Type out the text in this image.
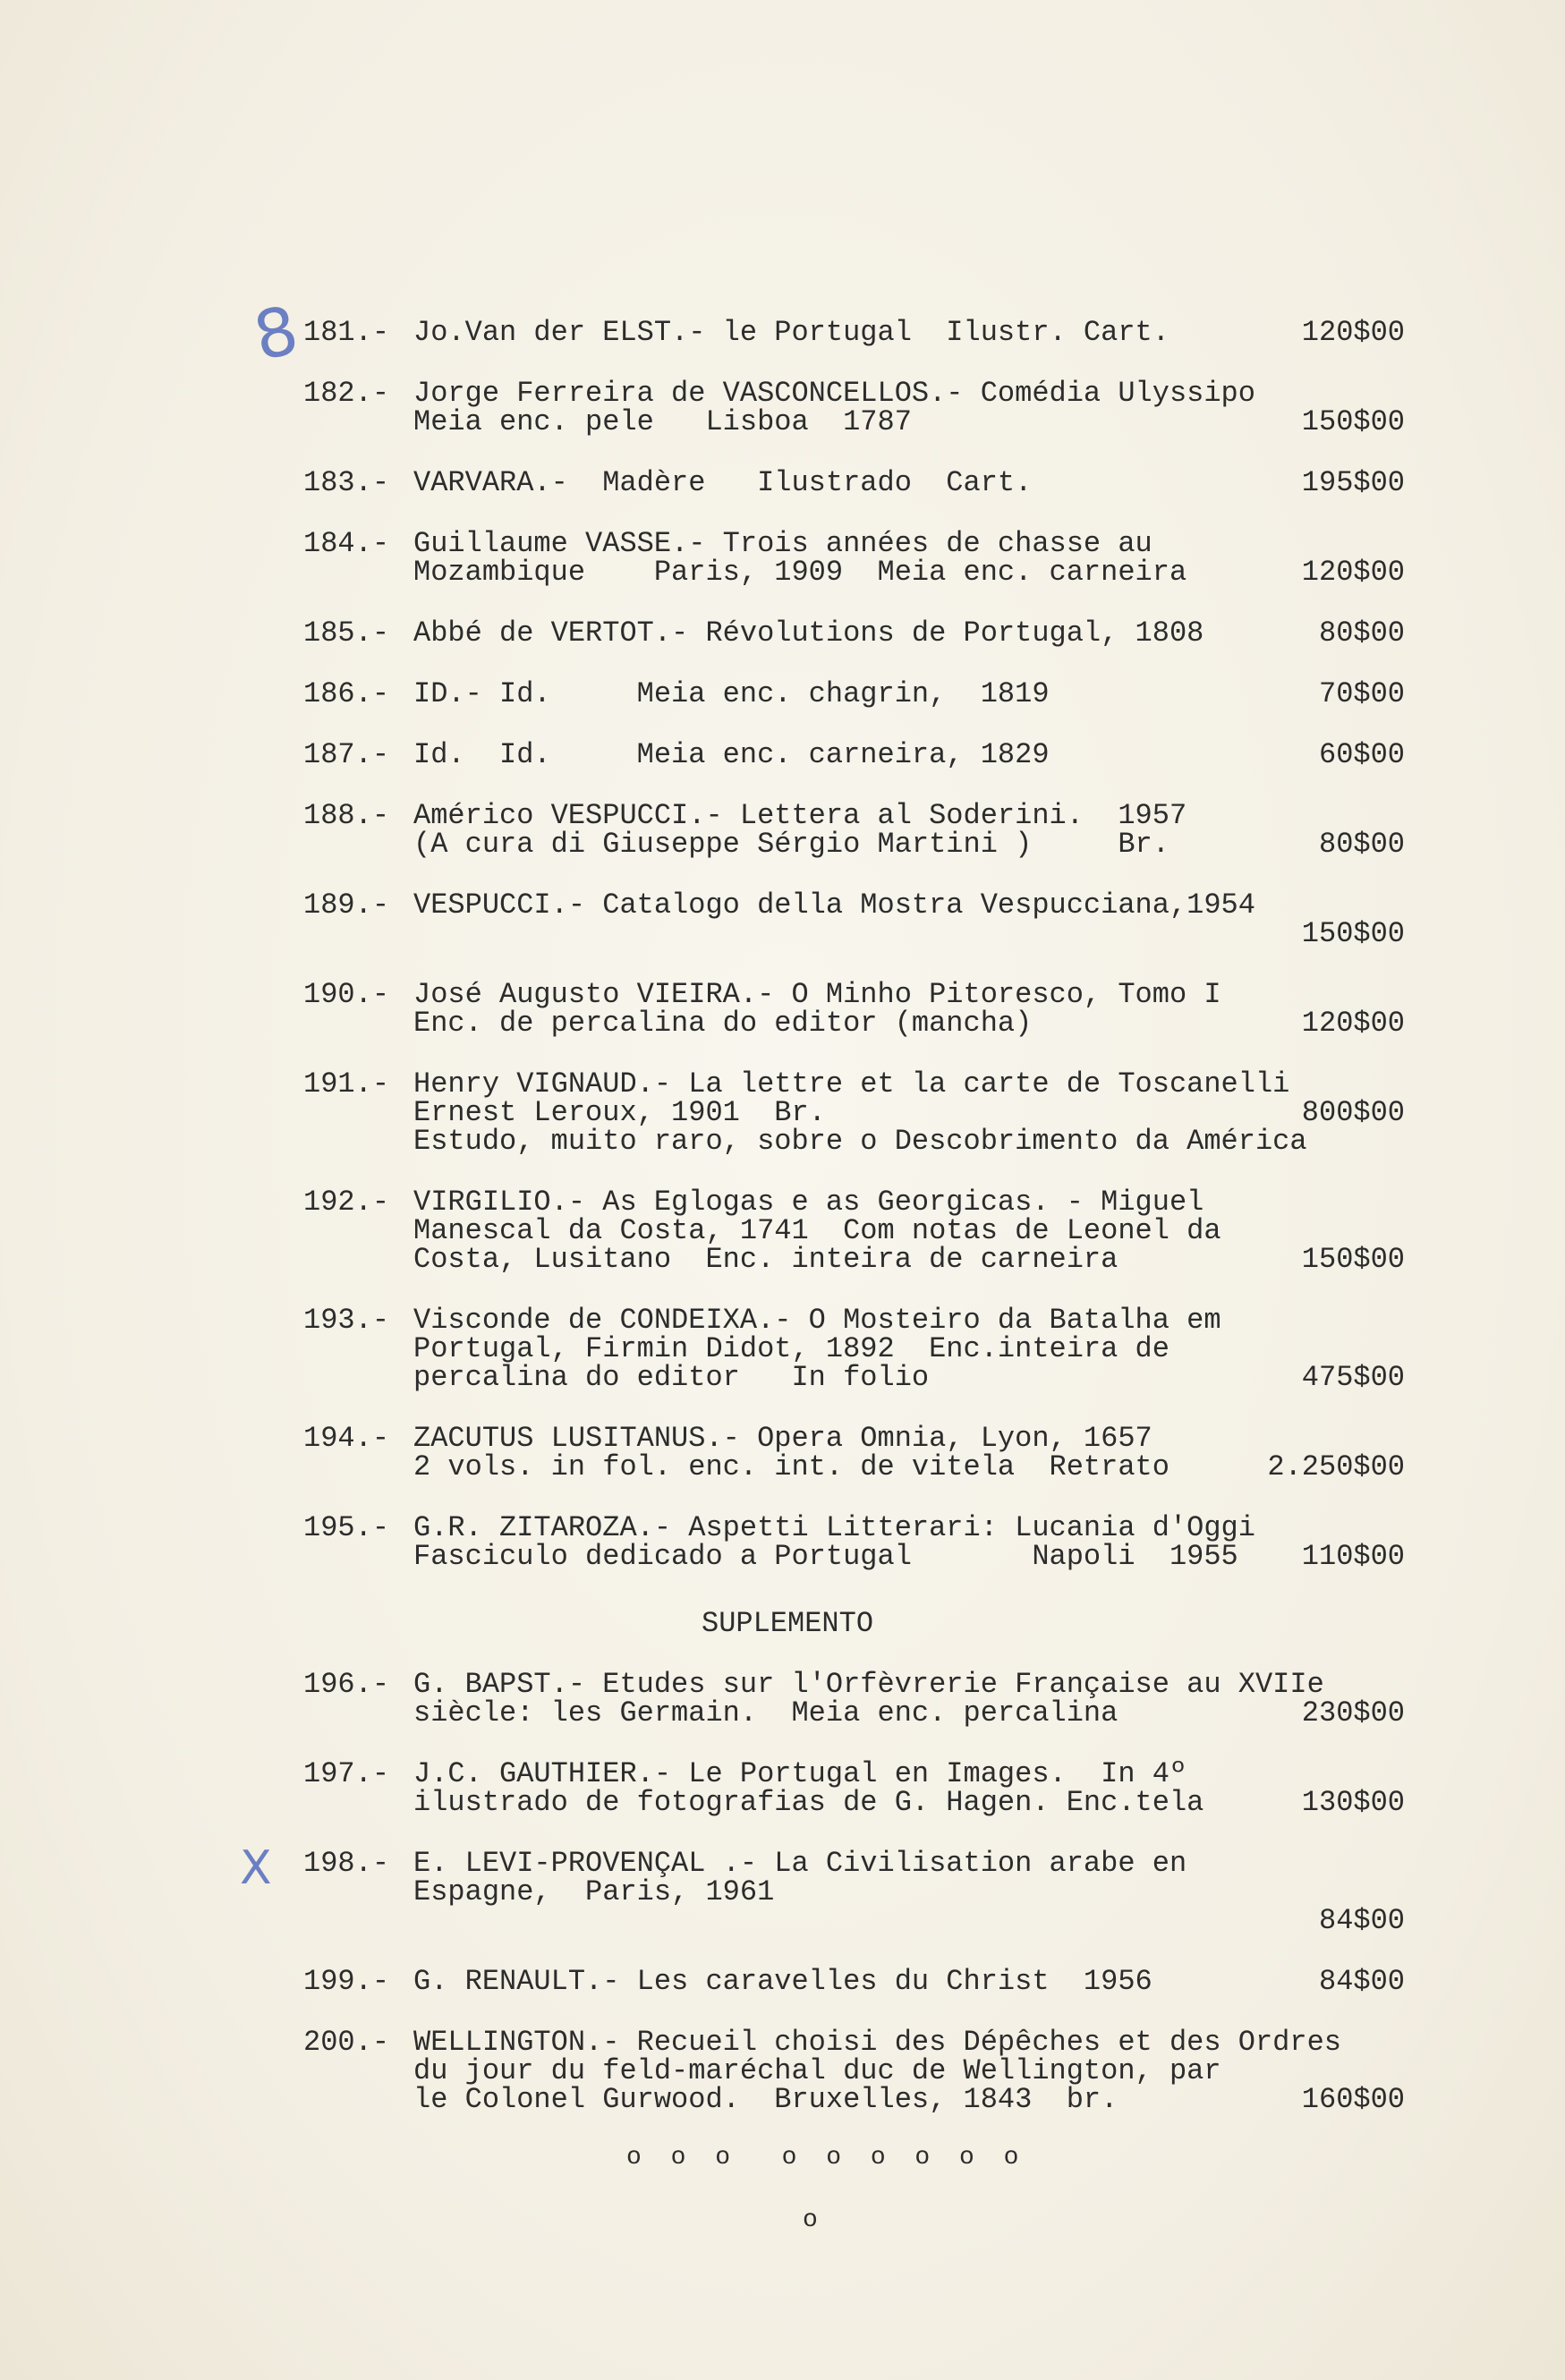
8
X
181.- Jo.Van der ELST.- le Portugal  Ilustr. Cart.	120$00
182.- Jorge Ferreira de VASCONCELLOS.- Comédia Ulyssipo
Meia enc. pele   Lisboa  1787	150$00
183.- VARVARA.-  Madère   Ilustrado  Cart.	195$00
184.- Guillaume VASSE.- Trois années de chasse au
Mozambique    Paris, 1909  Meia enc. carneira	120$00
185.- Abbé de VERTOT.- Révolutions de Portugal, 1808	80$00
186.- ID.- Id.     Meia enc. chagrin,  1819	70$00
187.- Id.  Id.     Meia enc. carneira, 1829	60$00
188.- Américo VESPUCCI.- Lettera al Soderini.  1957
(A cura di Giuseppe Sérgio Martini )     Br.	80$00
189.- VESPUCCI.- Catalogo della Mostra Vespucciana,1954
150$00
190.- José Augusto VIEIRA.- O Minho Pitoresco, Tomo I
Enc. de percalina do editor (mancha)	120$00
191.- Henry VIGNAUD.- La lettre et la carte de Toscanelli
Ernest Leroux, 1901  Br.	800$00
Estudo, muito raro, sobre o Descobrimento da América
192.- VIRGILIO.- As Eglogas e as Georgicas. - Miguel
Manescal da Costa, 1741  Com notas de Leonel da
Costa, Lusitano  Enc. inteira de carneira	150$00
193.- Visconde de CONDEIXA.- O Mosteiro da Batalha em
Portugal, Firmin Didot, 1892  Enc.inteira de
percalina do editor   In folio	475$00
194.- ZACUTUS LUSITANUS.- Opera Omnia, Lyon, 1657
2 vols. in fol. enc. int. de vitela  Retrato	2.250$00
195.- G.R. ZITAROZA.- Aspetti Litterari: Lucania d'Oggi
Fasciculo dedicado a Portugal       Napoli  1955 110$00
SUPLEMENTO
196.- G. BAPST.- Etudes sur l'Orfèvrerie Française au XVIIe
siècle: les Germain.  Meia enc. percalina	230$00
197.- J.C. GAUTHIER.- Le Portugal en Images.  In 4º
ilustrado de fotografias de G. Hagen. Enc.tela	130$00
198.- E. LEVI-PROVENÇAL .- La Civilisation arabe en
Espagne,  Paris, 1961
84$00
199.- G. RENAULT.- Les caravelles du Christ  1956	84$00
200.- WELLINGTON.- Recueil choisi des Dépêches et des Ordres
du jour du feld-maréchal duc de Wellington, par
le Colonel Gurwood.  Bruxelles, 1843  br.	160$00
o o o  o o o o o o
o
